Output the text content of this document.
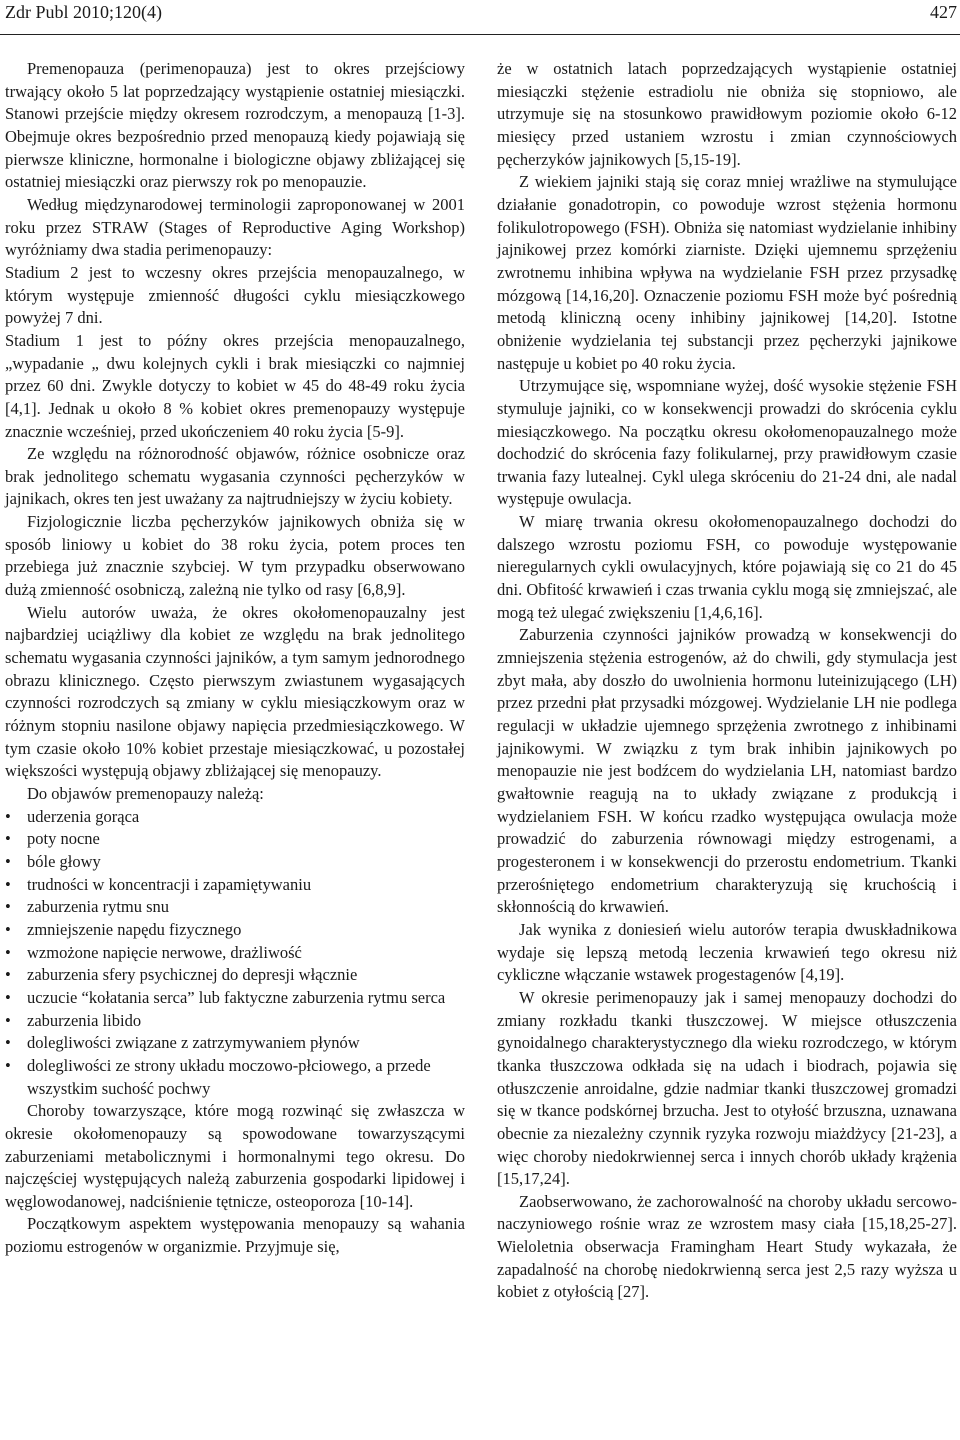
Zdr Publ 2010;120(4)	427

Premenopauza (perimenopauza) jest to okres przejściowy trwający około 5 lat poprzedzający wystąpienie ostatniej miesiączki. Stanowi przejście między okresem rozrodczym, a menopauzą [1-3]. Obejmuje okres bezpośrednio przed menopauzą kiedy pojawiają się pierwsze kliniczne, hormonalne i biologiczne objawy zbliżającej się ostatniej miesiączki oraz pierwszy rok po menopauzie.

Według międzynarodowej terminologii zaproponowanej w 2001 roku przez STRAW (Stages of Reproductive Aging Workshop) wyróżniamy dwa stadia perimenopauzy:

Stadium 2 jest to wczesny okres przejścia menopauzalnego, w którym występuje zmienność długości cyklu miesiączkowego powyżej 7 dni.

Stadium 1 jest to późny okres przejścia menopauzalnego, „wypadanie „ dwu kolejnych cykli i brak miesiączki co najmniej przez 60 dni. Zwykle dotyczy to kobiet w 45 do 48-49 roku życia [4,1]. Jednak u około 8 % kobiet okres premenopauzy występuje znacznie wcześniej, przed ukończeniem 40 roku życia [5-9].

Ze względu na różnorodność objawów, różnice osobnicze oraz brak jednolitego schematu wygasania czynności pęcherzyków w jajnikach, okres ten jest uważany za najtrudniejszy w życiu kobiety.

Fizjologicznie liczba pęcherzyków jajnikowych obniża się w sposób liniowy u kobiet do 38 roku życia, potem proces ten przebiega już znacznie szybciej. W tym przypadku obserwowano dużą zmienność osobniczą, zależną nie tylko od rasy [6,8,9].

Wielu autorów uważa, że okres okołomenopauzalny jest najbardziej uciążliwy dla kobiet ze względu na brak jednolitego schematu wygasania czynności jajników, a tym samym jednorodnego obrazu klinicznego. Często pierwszym zwiastunem wygasających czynności rozrodczych są zmiany w cyklu miesiączkowym oraz w różnym stopniu nasilone objawy napięcia przedmiesiączkowego. W tym czasie około 10% kobiet przestaje miesiączkować, u pozostałej większości występują objawy zbliżającej się menopauzy.

Do objawów premenopauzy należą:

• uderzenia gorąca
• poty nocne
• bóle głowy
• trudności w koncentracji i zapamiętywaniu
• zaburzenia rytmu snu
• zmniejszenie napędu fizycznego
• wzmożone napięcie nerwowe, drażliwość
• zaburzenia sfery psychicznej do depresji włącznie
• uczucie “kołatania serca” lub faktyczne zaburzenia rytmu serca
• zaburzenia libido
• dolegliwości związane z zatrzymywaniem płynów
• dolegliwości ze strony układu moczowo-płciowego, a przede wszystkim suchość pochwy

Choroby towarzyszące, które mogą rozwinąć się zwłaszcza w okresie okołomenopauzy są spowodowane towarzyszącymi zaburzeniami metabolicznymi i hormonalnymi tego okresu. Do najczęściej występujących należą zaburzenia gospodarki lipidowej i węglowodanowej, nadciśnienie tętnicze, osteoporoza [10-14].

Początkowym aspektem występowania menopauzy są wahania poziomu estrogenów w organizmie. Przyjmuje się,

że w ostatnich latach poprzedzających wystąpienie ostatniej miesiączki stężenie estradiolu nie obniża się stopniowo, ale utrzymuje się na stosunkowo prawidłowym poziomie około 6-12 miesięcy przed ustaniem wzrostu i zmian czynnościowych pęcherzyków jajnikowych [5,15-19].

Z wiekiem jajniki stają się coraz mniej wrażliwe na stymulujące działanie gonadotropin, co powoduje wzrost stężenia hormonu folikulotropowego (FSH). Obniża się natomiast wydzielanie inhibiny jajnikowej przez komórki ziarniste. Dzięki ujemnemu sprzężeniu zwrotnemu inhibina wpływa na wydzielanie FSH przez przysadkę mózgową [14,16,20]. Oznaczenie poziomu FSH może być pośrednią metodą kliniczną oceny inhibiny jajnikowej [14,20]. Istotne obniżenie wydzielania tej substancji przez pęcherzyki jajnikowe następuje u kobiet po 40 roku życia.

Utrzymujące się, wspomniane wyżej, dość wysokie stężenie FSH stymuluje jajniki, co w konsekwencji prowadzi do skrócenia cyklu miesiączkowego. Na początku okresu okołomenopauzalnego może dochodzić do skrócenia fazy folikularnej, przy prawidłowym czasie trwania fazy lutealnej. Cykl ulega skróceniu do 21-24 dni, ale nadal występuje owulacja.

W miarę trwania okresu okołomenopauzalnego dochodzi do dalszego wzrostu poziomu FSH, co powoduje występowanie nieregularnych cykli owulacyjnych, które pojawiają się co 21 do 45 dni. Obfitość krwawień i czas trwania cyklu mogą się zmniejszać, ale mogą też ulegać zwiększeniu [1,4,6,16].

Zaburzenia czynności jajników prowadzą w konsekwencji do zmniejszenia stężenia estrogenów, aż do chwili, gdy stymulacja jest zbyt mała, aby doszło do uwolnienia hormonu luteinizującego (LH) przez przedni płat przysadki mózgowej. Wydzielanie LH nie podlega regulacji w układzie ujemnego sprzężenia zwrotnego z inhibinami jajnikowymi. W związku z tym brak inhibin jajnikowych po menopauzie nie jest bodźcem do wydzielania LH, natomiast bardzo gwałtownie reagują na to układy związane z produkcją i wydzielaniem FSH. W końcu rzadko występująca owulacja może prowadzić do zaburzenia równowagi między estrogenami, a progesteronem i w konsekwencji do przerostu endometrium. Tkanki przerośniętego endometrium charakteryzują się kruchością i skłonnością do krwawień.

Jak wynika z doniesień wielu autorów terapia dwuskładnikowa wydaje się lepszą metodą leczenia krwawień tego okresu niż cykliczne włączanie wstawek progestagenów [4,19].

W okresie perimenopauzy jak i samej menopauzy dochodzi do zmiany rozkładu tkanki tłuszczowej. W miejsce otłuszczenia gynoidalnego charakterystycznego dla wieku rozrodczego, w którym tkanka tłuszczowa odkłada się na udach i biodrach, pojawia się otłuszczenie anroidalne, gdzie nadmiar tkanki tłuszczowej gromadzi się w tkance podskórnej brzucha. Jest to otyłość brzuszna, uznawana obecnie za niezależny czynnik ryzyka rozwoju miażdżycy [21-23], a więc choroby niedokrwiennej serca i innych chorób układy krążenia [15,17,24].

Zaobserwowano, że zachorowalność na choroby układu sercowo-naczyniowego rośnie wraz ze wzrostem masy ciała [15,18,25-27]. Wieloletnia obserwacja Framingham Heart Study wykazała, że zapadalność na chorobę niedokrwienną serca jest 2,5 razy wyższa u kobiet z otyłością [27].
